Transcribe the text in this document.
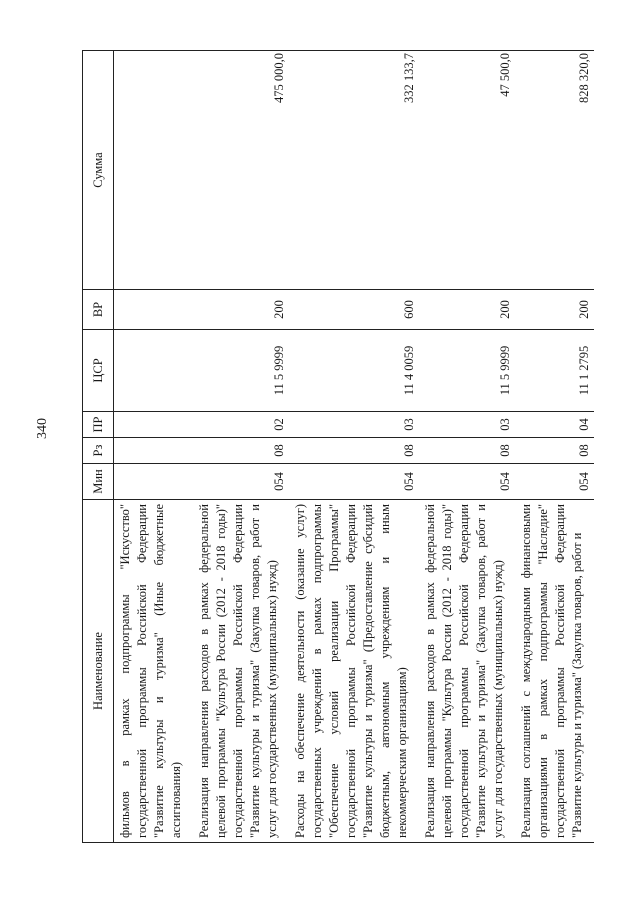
340
Наименование	Мин	Рз	ПР	ЦСР	ВР	Сумма
фильмов в рамках подпрограммы "Искусство" государственной программы Российской Федерации "Развитие культуры и туризма" (Иные бюджетные ассигнования)						
Реализация направления расходов в рамках федеральной целевой программы "Культура России (2012 - 2018 годы)" государственной программы Российской Федерации "Развитие культуры и туризма" (Закупка товаров, работ и услуг для государственных (муниципальных) нужд)	054	08	02	11 5 9999	200	475 000,0
Расходы на обеспечение деятельности (оказание услуг) государственных учреждений в рамках подпрограммы "Обеспечение условий реализации Программы" государственной программы Российской Федерации "Развитие культуры и туризма" (Предоставление субсидий бюджетным, автономным учреждениям и иным некоммерческим организациям)	054	08	03	11 4 0059	600	332 133,7
Реализация направления расходов в рамках федеральной целевой программы "Культура России (2012 - 2018 годы)" государственной программы Российской Федерации "Развитие культуры и туризма" (Закупка товаров, работ и услуг для государственных (муниципальных) нужд)	054	08	03	11 5 9999	200	47 500,0
Реализация соглашений с международными финансовыми организациями в рамках подпрограммы "Наследие" государственной программы Российской Федерации "Развитие культуры и туризма" (Закупка товаров, работ и	054	08	04	11 1 2795	200	828 320,0
